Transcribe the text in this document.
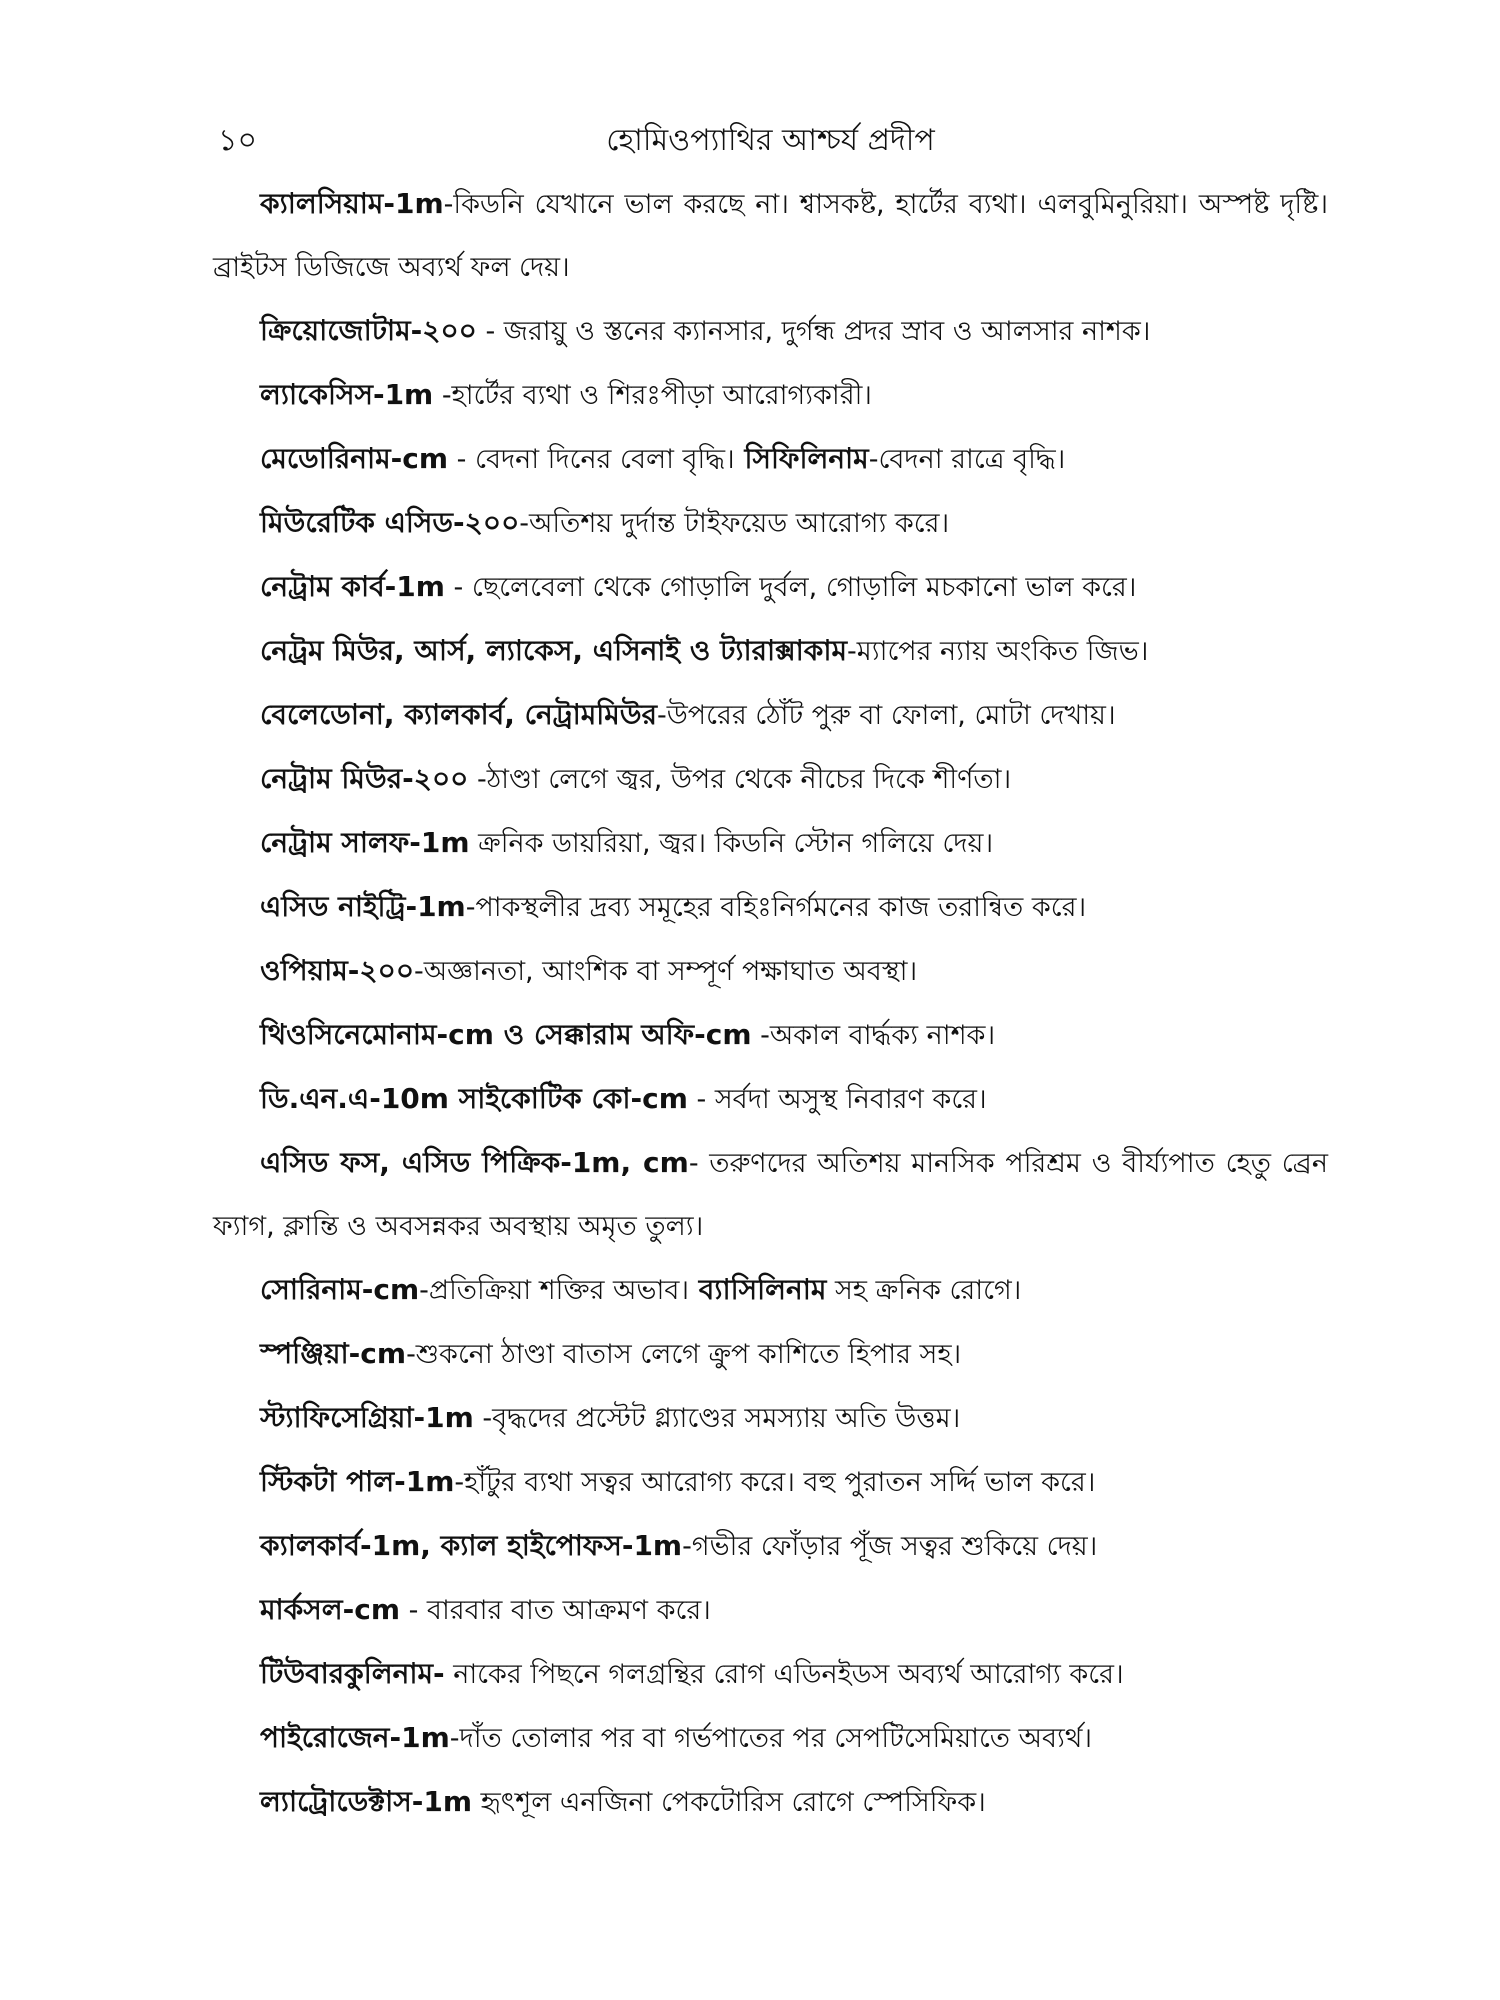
১০	হোমিওপ্যাথির আশ্চর্য প্রদীপ

ক্যালসিয়াম-1m-কিডনি যেখানে ভাল করছে না। শ্বাসকষ্ট, হার্টের ব্যথা। এলবুমিনুরিয়া। অস্পষ্ট দৃষ্টি। ব্রাইটস ডিজিজে অব্যর্থ ফল দেয়।

ক্রিয়োজোটাম-২০০ - জরায়ু ও স্তনের ক্যানসার, দুর্গন্ধ প্রদর স্রাব ও আলসার নাশক।

ল্যাকেসিস-1m -হার্টের ব্যথা ও শিরঃপীড়া আরোগ্যকারী।

মেডোরিনাম-cm - বেদনা দিনের বেলা বৃদ্ধি। সিফিলিনাম-বেদনা রাত্রে বৃদ্ধি।

মিউরেটিক এসিড-২০০-অতিশয় দুর্দান্ত টাইফয়েড আরোগ্য করে।

নেট্রাম কার্ব-1m - ছেলেবেলা থেকে গোড়ালি দুর্বল, গোড়ালি মচকানো ভাল করে।

নেট্রম মিউর, আর্স, ল্যাকেস, এসিনাই ও ট্যারাক্সাকাম-ম্যাপের ন্যায় অংকিত জিভ।

বেলেডোনা, ক্যালকার্ব, নেট্রামমিউর-উপরের ঠোঁট পুরু বা ফোলা, মোটা দেখায়।

নেট্রাম মিউর-২০০ -ঠাণ্ডা লেগে জ্বর, উপর থেকে নীচের দিকে শীর্ণতা।

নেট্রাম সালফ-1m ক্রনিক ডায়রিয়া, জ্বর। কিডনি স্টোন গলিয়ে দেয়।

এসিড নাইট্রি-1m-পাকস্থলীর দ্রব্য সমূহের বহিঃনির্গমনের কাজ তরান্বিত করে।

ওপিয়াম-২০০-অজ্ঞানতা, আংশিক বা সম্পূর্ণ পক্ষাঘাত অবস্থা।

থিওসিনেমোনাম-cm ও সেক্কারাম অফি-cm -অকাল বার্দ্ধক্য নাশক।

ডি.এন.এ-10m সাইকোটিক কো-cm - সর্বদা অসুস্থ নিবারণ করে।

এসিড ফস, এসিড পিক্রিক-1m, cm- তরুণদের অতিশয় মানসিক পরিশ্রম ও বীর্য্যপাত হেতু ব্রেন ফ্যাগ, ক্লান্তি ও অবসন্নকর অবস্থায় অমৃত তুল্য।

সোরিনাম-cm-প্রতিক্রিয়া শক্তির অভাব। ব্যাসিলিনাম সহ ক্রনিক রোগে।

স্পঞ্জিয়া-cm-শুকনো ঠাণ্ডা বাতাস লেগে ক্রুপ কাশিতে হিপার সহ।

স্ট্যাফিসেগ্রিয়া-1m -বৃদ্ধদের প্রস্টেট গ্ল্যাণ্ডের সমস্যায় অতি উত্তম।

স্টিকটা পাল-1m-হাঁটুর ব্যথা সত্বর আরোগ্য করে। বহু পুরাতন সর্দ্দি ভাল করে।

ক্যালকার্ব-1m, ক্যাল হাইপোফস-1m-গভীর ফোঁড়ার পূঁজ সত্বর শুকিয়ে দেয়।

মার্কসল-cm - বারবার বাত আক্রমণ করে।

টিউবারকুলিনাম- নাকের পিছনে গলগ্রন্থির রোগ এডিনইডস অব্যর্থ আরোগ্য করে।

পাইরোজেন-1m-দাঁত তোলার পর বা গর্ভপাতের পর সেপটিসেমিয়াতে অব্যর্থ।

ল্যাট্রোডেক্টাস-1m হৃৎশূল এনজিনা পেকটোরিস রোগে স্পেসিফিক।
